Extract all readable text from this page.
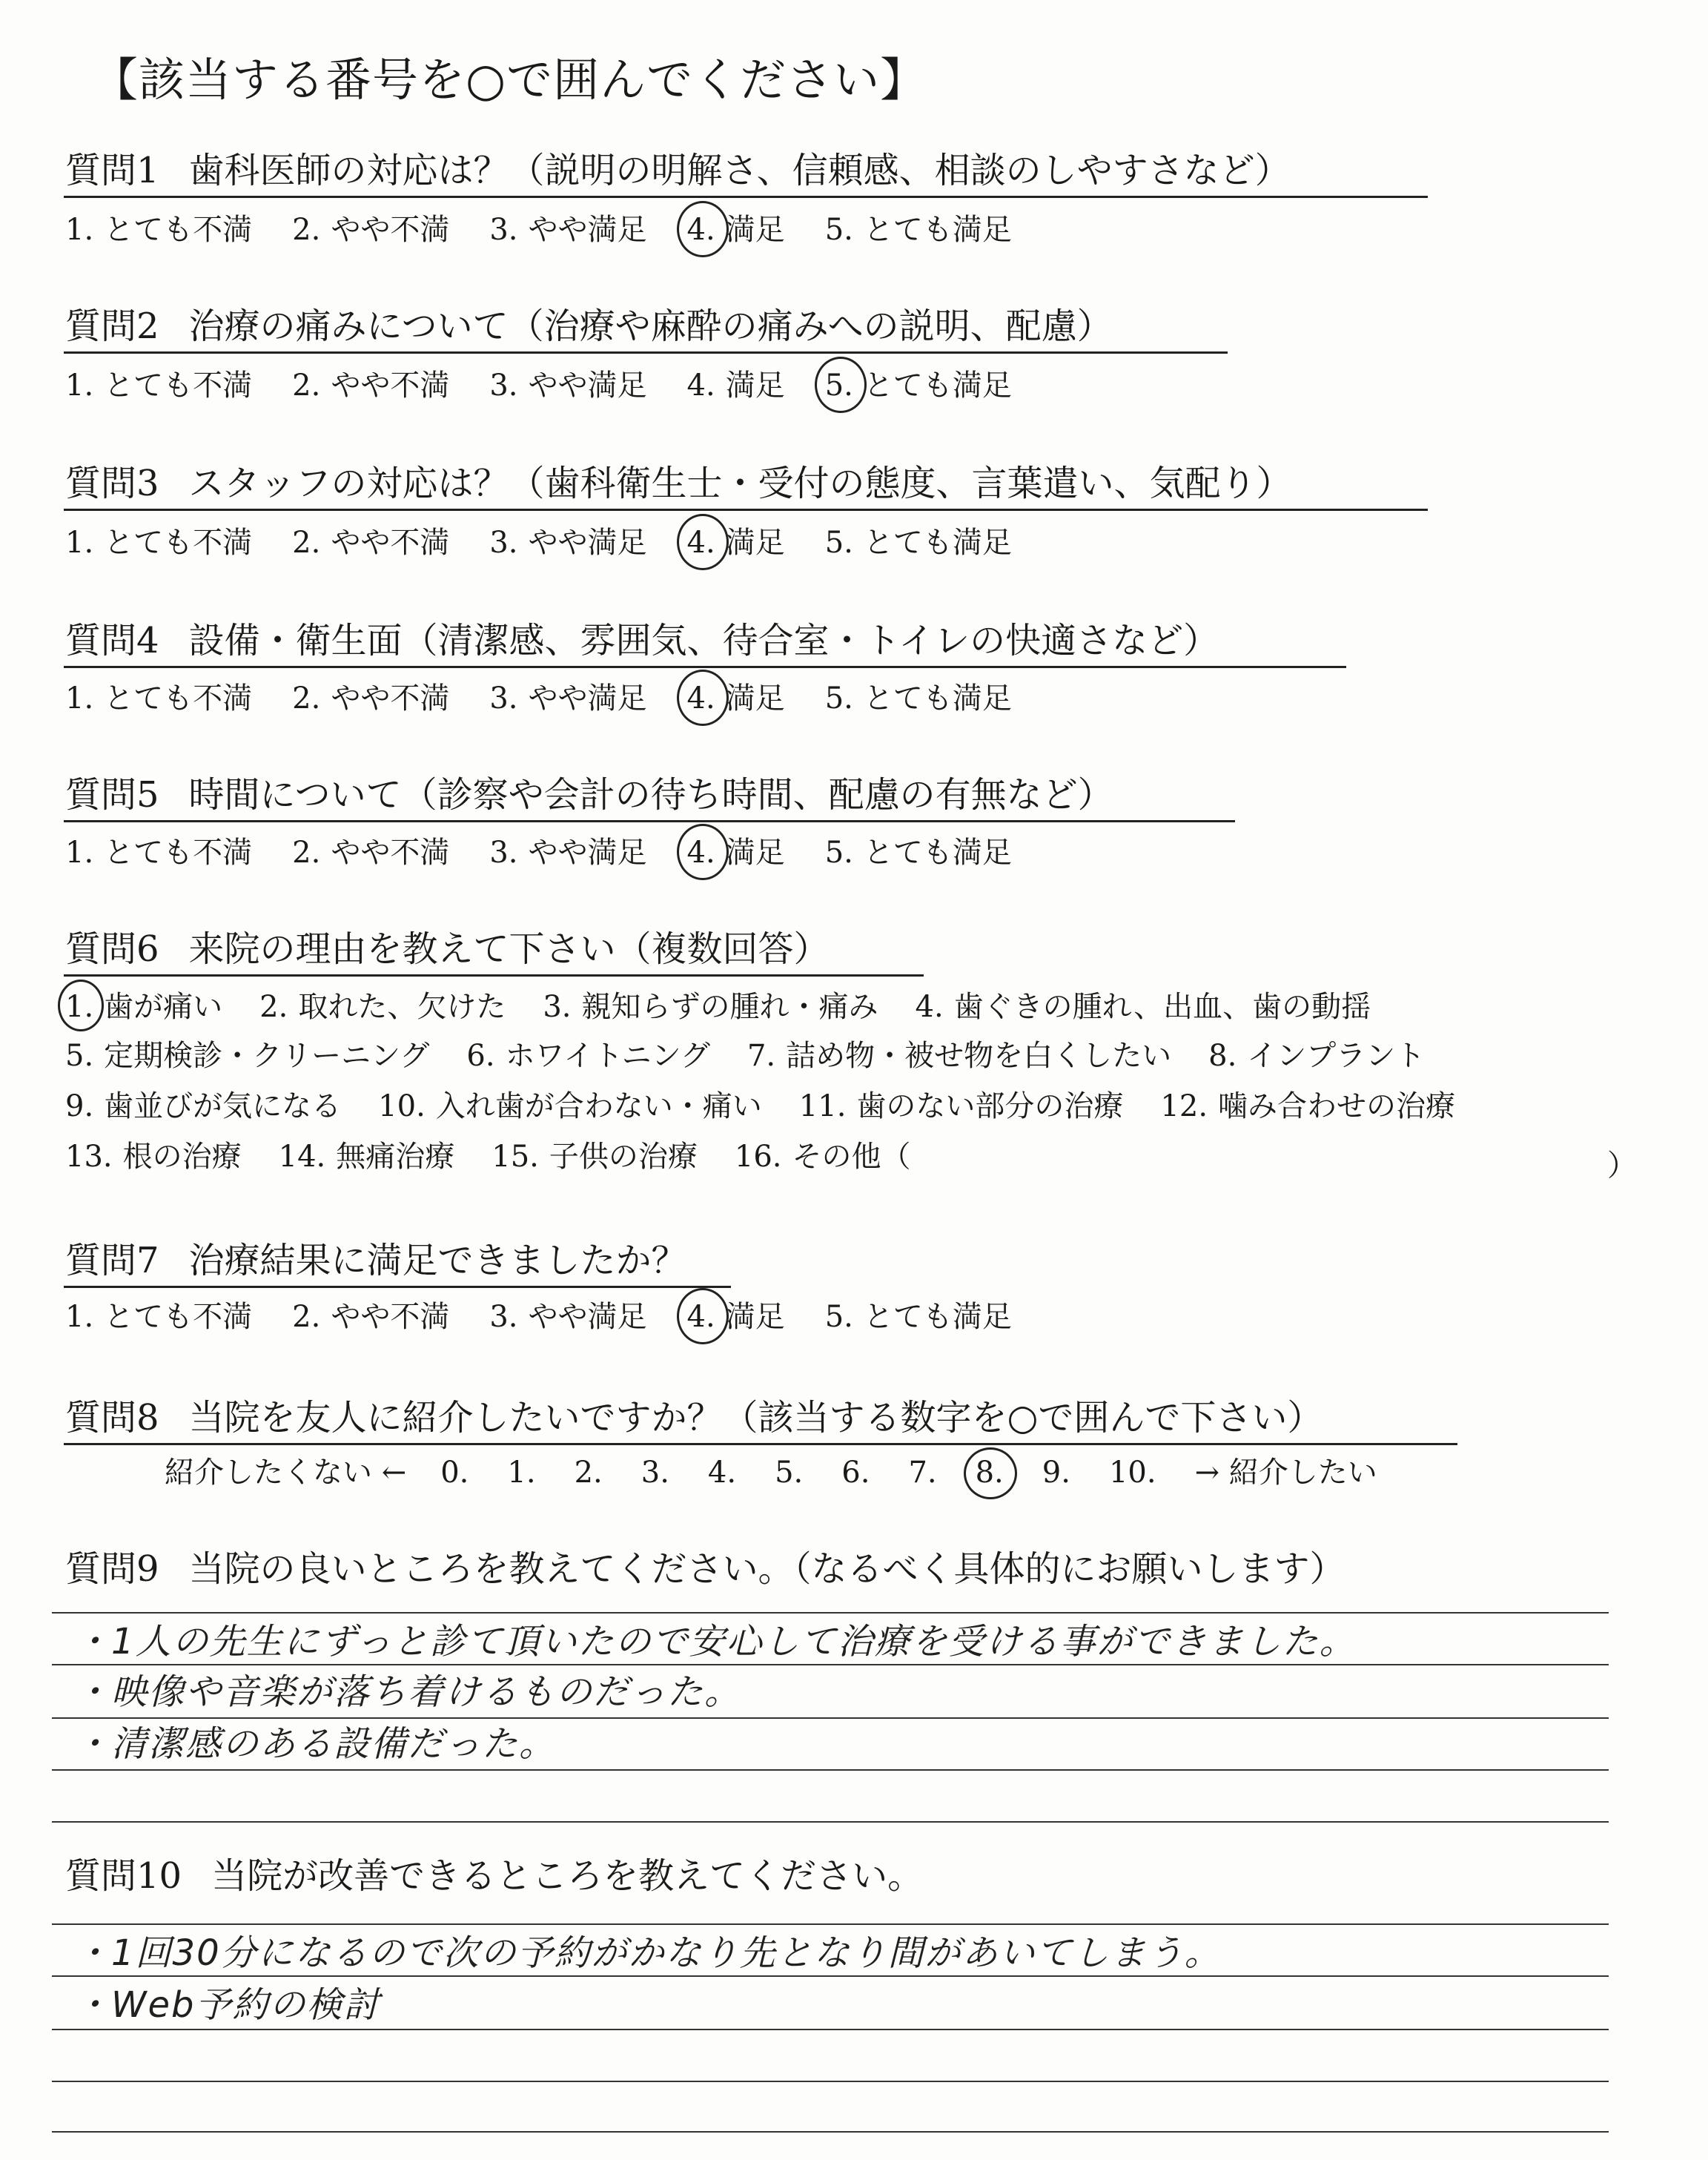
【該当する番号を○で囲んでください】
質問1 歯科医師の対応は？（説明の明解さ、信頼感、相談のしやすさなど）
1. とても不満 2. やや不満 3. やや満足 4. 満足 5. とても満足
質問2 治療の痛みについて（治療や麻酔の痛みへの説明、配慮）
1. とても不満 2. やや不満 3. やや満足 4. 満足 5. とても満足
質問3 スタッフの対応は？（歯科衛生士・受付の態度、言葉遣い、気配り）
1. とても不満 2. やや不満 3. やや満足 4. 満足 5. とても満足
質問4 設備・衛生面（清潔感、雰囲気、待合室・トイレの快適さなど）
1. とても不満 2. やや不満 3. やや満足 4. 満足 5. とても満足
質問5 時間について（診察や会計の待ち時間、配慮の有無など）
1. とても不満 2. やや不満 3. やや満足 4. 満足 5. とても満足
質問6 来院の理由を教えて下さい（複数回答）
1. 歯が痛い 2. 取れた、欠けた 3. 親知らずの腫れ・痛み 4. 歯ぐきの腫れ、出血、歯の動揺
5. 定期検診・クリーニング 6. ホワイトニング 7. 詰め物・被せ物を白くしたい 8. インプラント
9. 歯並びが気になる 10. 入れ歯が合わない・痛い 11. 歯のない部分の治療 12. 噛み合わせの治療
13. 根の治療 14. 無痛治療 15. 子供の治療 16. その他（	）
質問7 治療結果に満足できましたか？
1. とても不満 2. やや不満 3. やや満足 4. 満足 5. とても満足
質問8 当院を友人に紹介したいですか？（該当する数字を○で囲んで下さい）
紹介したくない ← 0. 1. 2. 3. 4. 5. 6. 7. 8. 9. 10. → 紹介したい
質問9 当院の良いところを教えてください。（なるべく具体的にお願いします）
・1人の先生にずっと診て頂いたので安心して治療を受ける事ができました。
・映像や音楽が落ち着けるものだった。
・清潔感のある設備だった。
質問10 当院が改善できるところを教えてください。
・1回30分になるので次の予約がかなり先となり間があいてしまう。
・Web予約の検討
